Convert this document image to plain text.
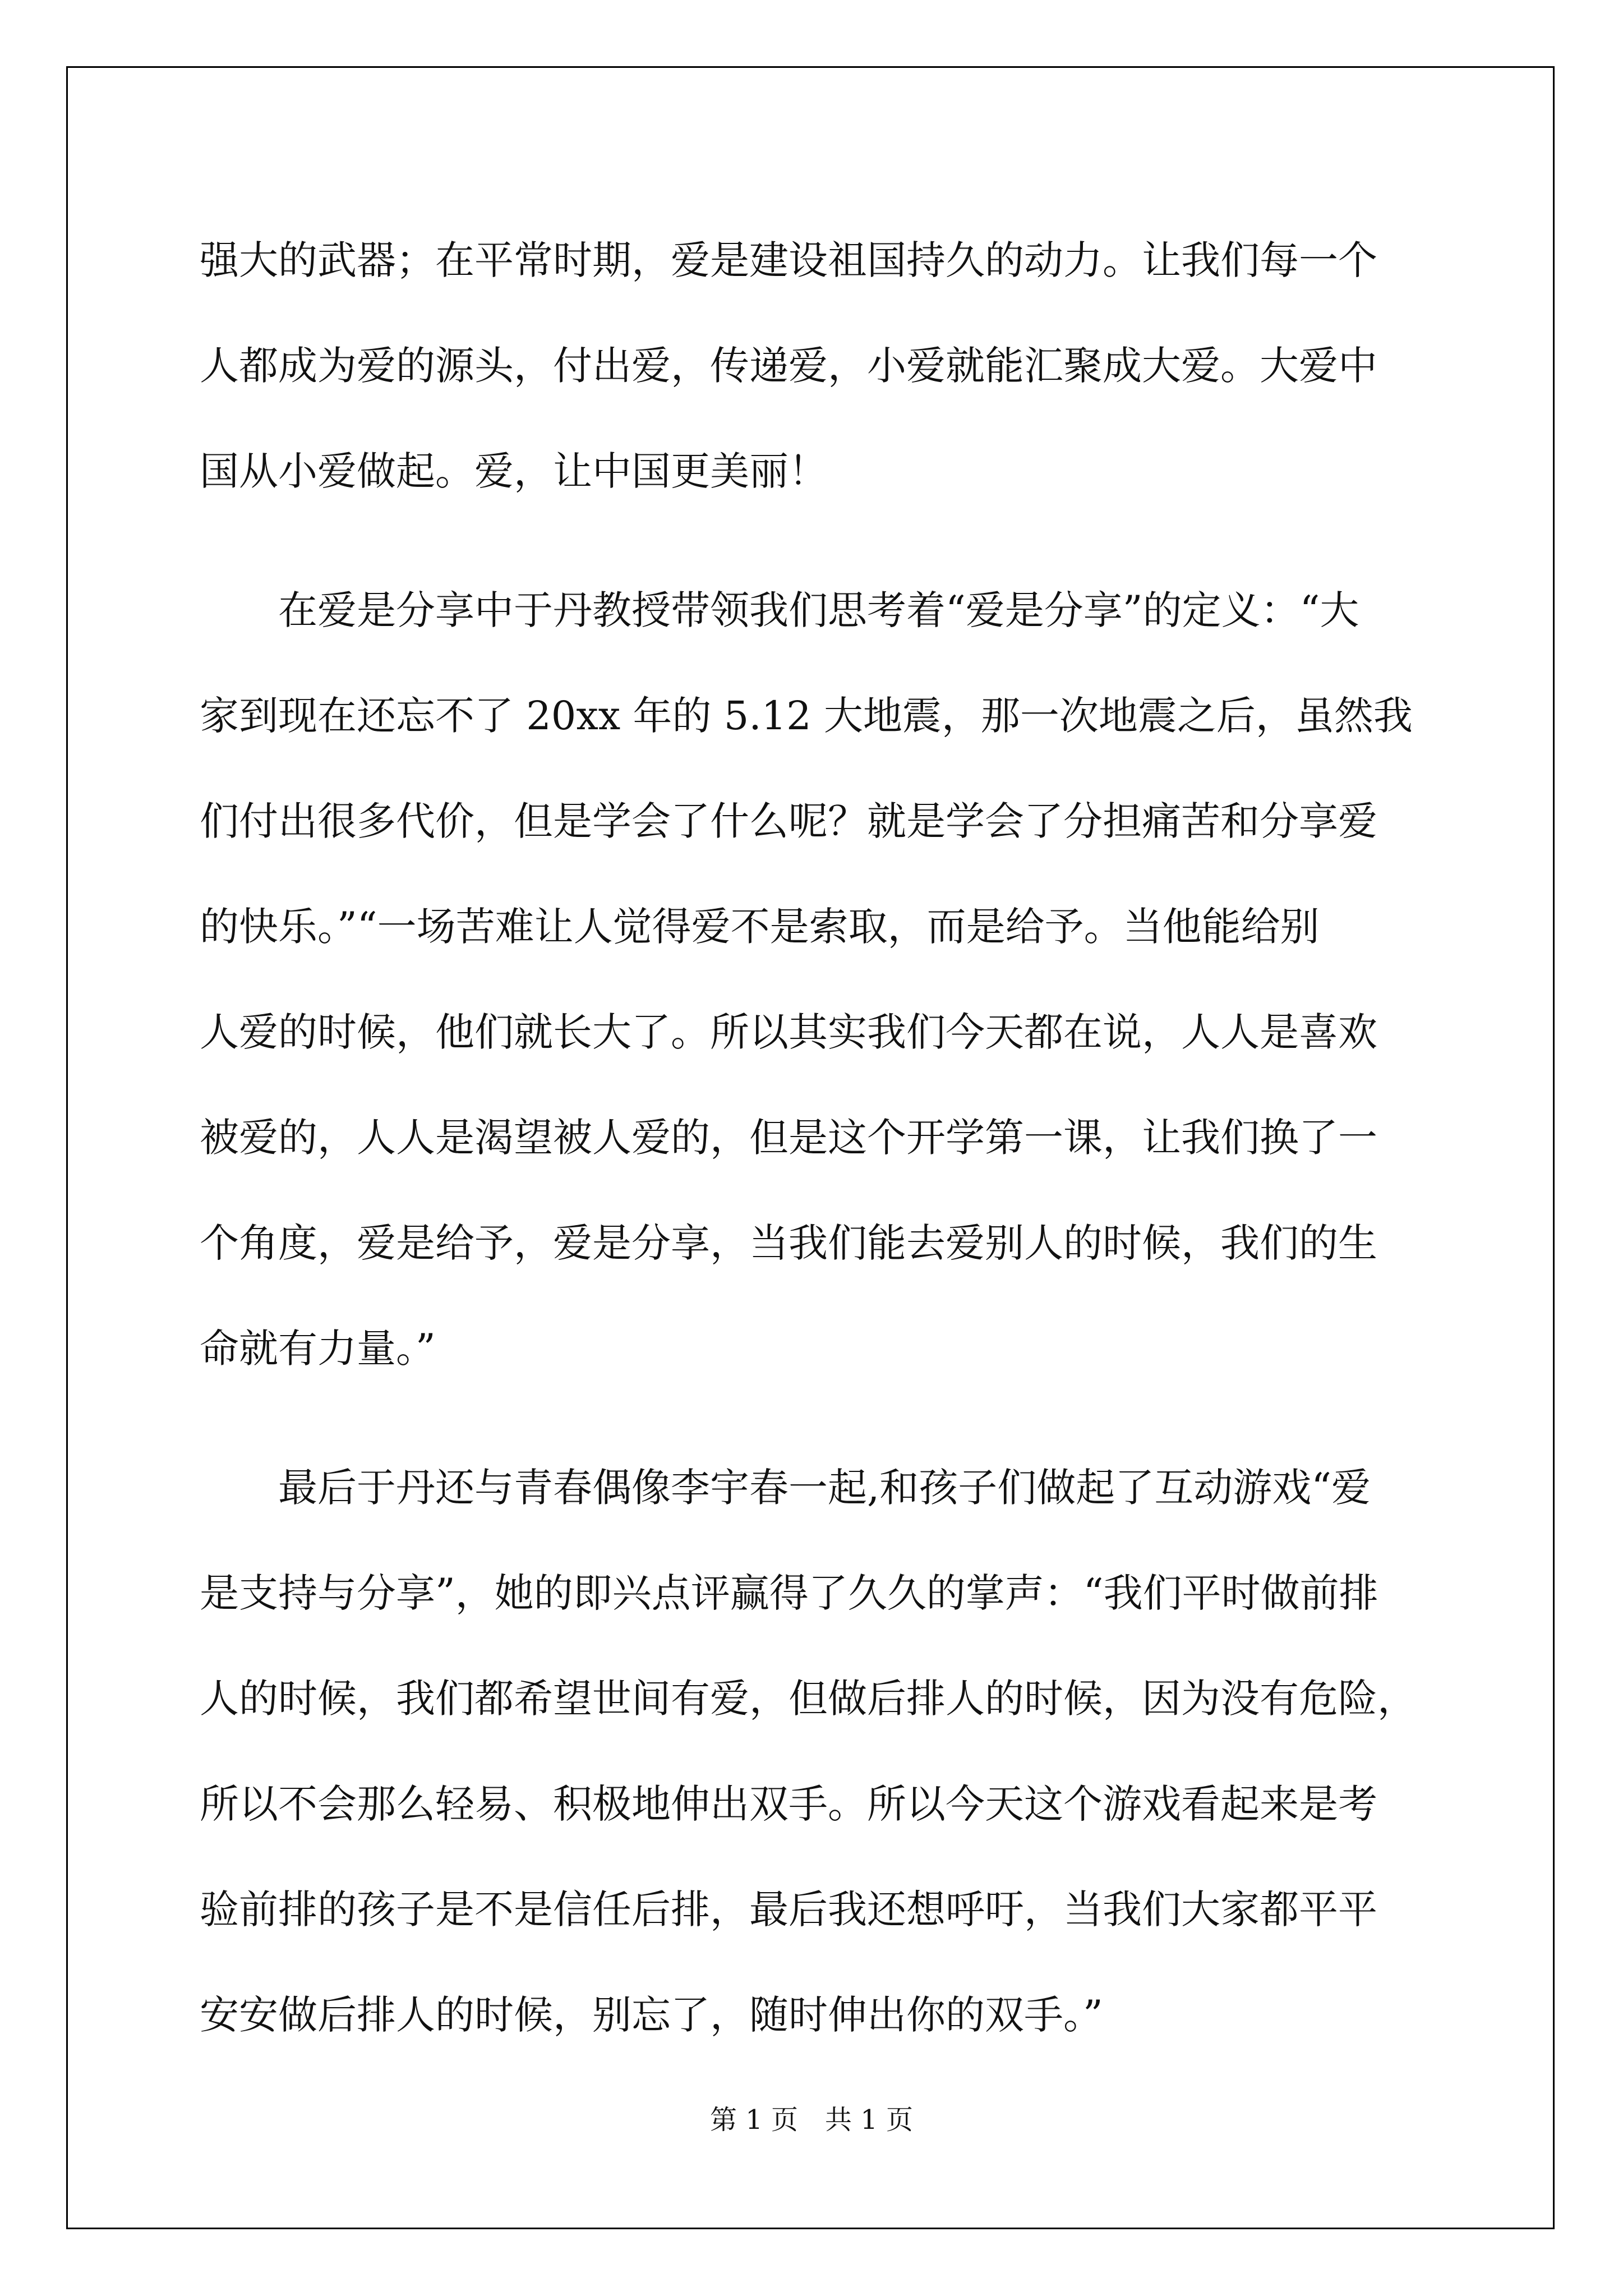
强大的武器；在平常时期，爱是建设祖国持久的动力。让我们每一个
人都成为爱的源头，付出爱，传递爱，小爱就能汇聚成大爱。大爱中
国从小爱做起。爱，让中国更美丽！
　　在爱是分享中于丹教授带领我们思考着“爱是分享”的定义：“大
家到现在还忘不了 20xx 年的 5.12 大地震，那一次地震之后，虽然我
们付出很多代价，但是学会了什么呢？就是学会了分担痛苦和分享爱
的快乐。”“一场苦难让人觉得爱不是索取，而是给予。当他能给别
人爱的时候，他们就长大了。所以其实我们今天都在说，人人是喜欢
被爱的，人人是渴望被人爱的，但是这个开学第一课，让我们换了一
个角度，爱是给予，爱是分享，当我们能去爱别人的时候，我们的生
命就有力量。”
　　最后于丹还与青春偶像李宇春一起,和孩子们做起了互动游戏“爱
是支持与分享”，她的即兴点评赢得了久久的掌声：“我们平时做前排
人的时候，我们都希望世间有爱，但做后排人的时候，因为没有危险，
所以不会那么轻易、积极地伸出双手。所以今天这个游戏看起来是考
验前排的孩子是不是信任后排，最后我还想呼吁，当我们大家都平平
安安做后排人的时候，别忘了，随时伸出你的双手。”
第 1 页　共 1 页
